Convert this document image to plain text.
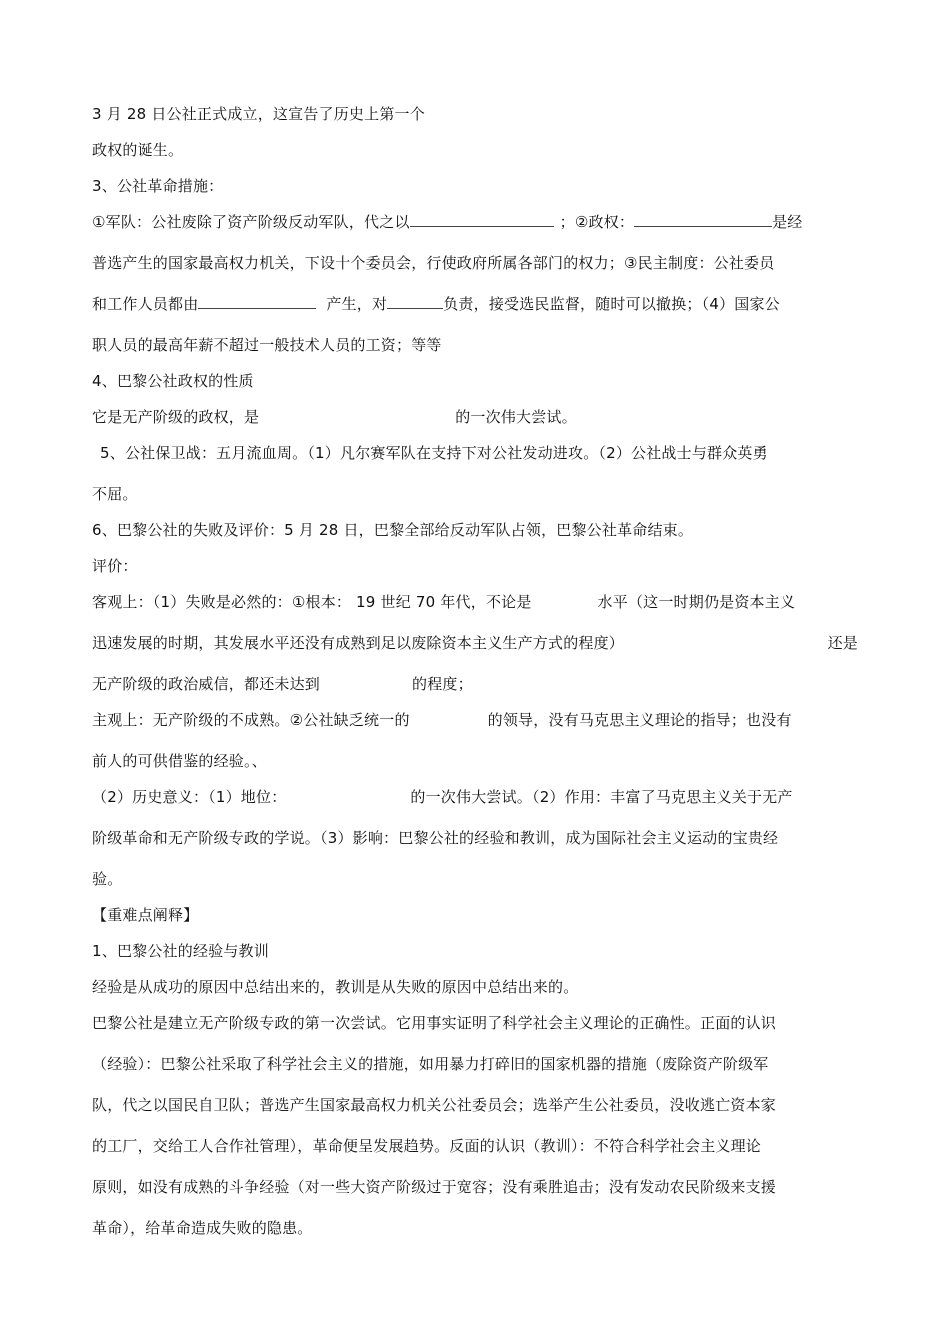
3 月 28 日公社正式成立，这宣告了历史上第一个

政权的诞生。

3、公社革命措施：

①军队：公社废除了资产阶级反动军队，代之以	；②政权：	是经

普选产生的国家最高权力机关，下设十个委员会，行使政府所属各部门的权力；③民主制度：公社委员

和工作人员都由	产生，对	负责，接受选民监督，随时可以撤换；（4）国家公

职人员的最高年薪不超过一般技术人员的工资；等等

4、巴黎公社政权的性质

它是无产阶级的政权，是	的一次伟大尝试。

5、公社保卫战：五月流血周。（1）凡尔赛军队在支持下对公社发动进攻。（2）公社战士与群众英勇

不屈。

6、巴黎公社的失败及评价：5 月 28 日，巴黎全部给反动军队占领，巴黎公社革命结束。

评价：

客观上：（1）失败是必然的：①根本： 19 世纪 70 年代，不论是	水平（这一时期仍是资本主义

迅速发展的时期，其发展水平还没有成熟到足以废除资本主义生产方式的程度）	还是

无产阶级的政治威信，都还未达到	的程度；

主观上：无产阶级的不成熟。②公社缺乏统一的	的领导，没有马克思主义理论的指导；也没有

前人的可供借鉴的经验。、

（2）历史意义：（1）地位：	的一次伟大尝试。（2）作用：丰富了马克思主义关于无产

阶级革命和无产阶级专政的学说。（3）影响：巴黎公社的经验和教训，成为国际社会主义运动的宝贵经

验。

【重难点阐释】

1、巴黎公社的经验与教训

经验是从成功的原因中总结出来的，教训是从失败的原因中总结出来的。

巴黎公社是建立无产阶级专政的第一次尝试。它用事实证明了科学社会主义理论的正确性。正面的认识

（经验）：巴黎公社采取了科学社会主义的措施，如用暴力打碎旧的国家机器的措施（废除资产阶级军

队，代之以国民自卫队；普选产生国家最高权力机关公社委员会；选举产生公社委员，没收逃亡资本家

的工厂，交给工人合作社管理），革命便呈发展趋势。反面的认识（教训）：不符合科学社会主义理论

原则，如没有成熟的斗争经验（对一些大资产阶级过于宽容；没有乘胜追击；没有发动农民阶级来支援

革命），给革命造成失败的隐患。
